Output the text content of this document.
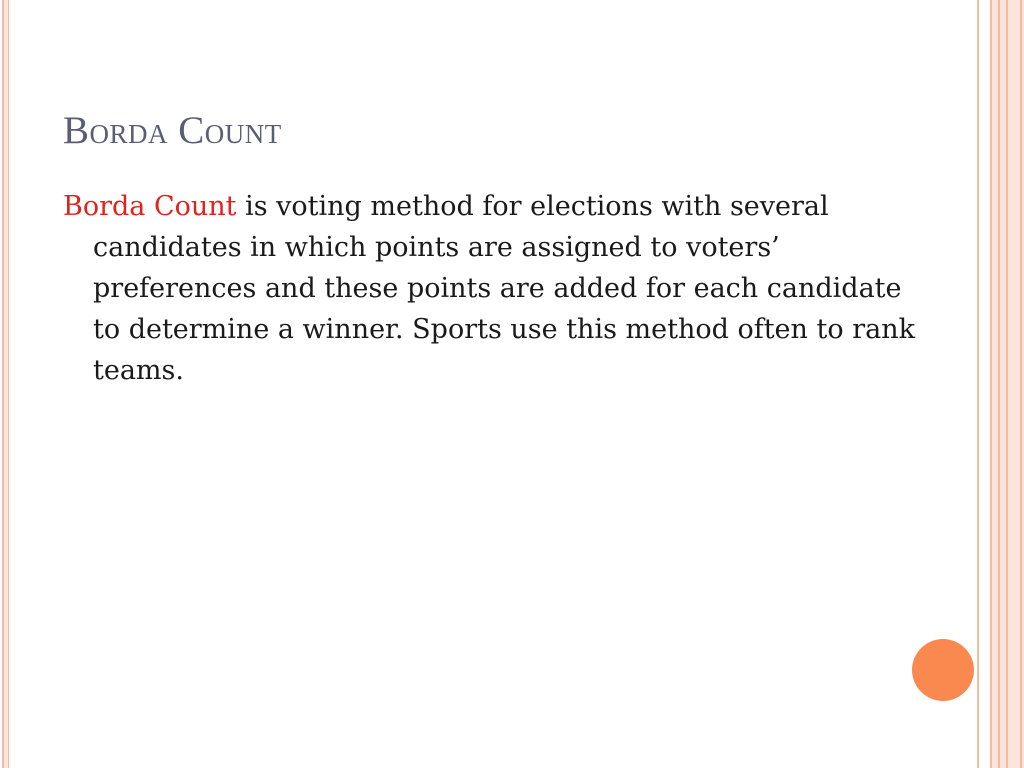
Borda Count

Borda Count is voting method for elections with several candidates in which points are assigned to voters’ preferences and these points are added for each candidate to determine a winner. Sports use this method often to rank teams.
